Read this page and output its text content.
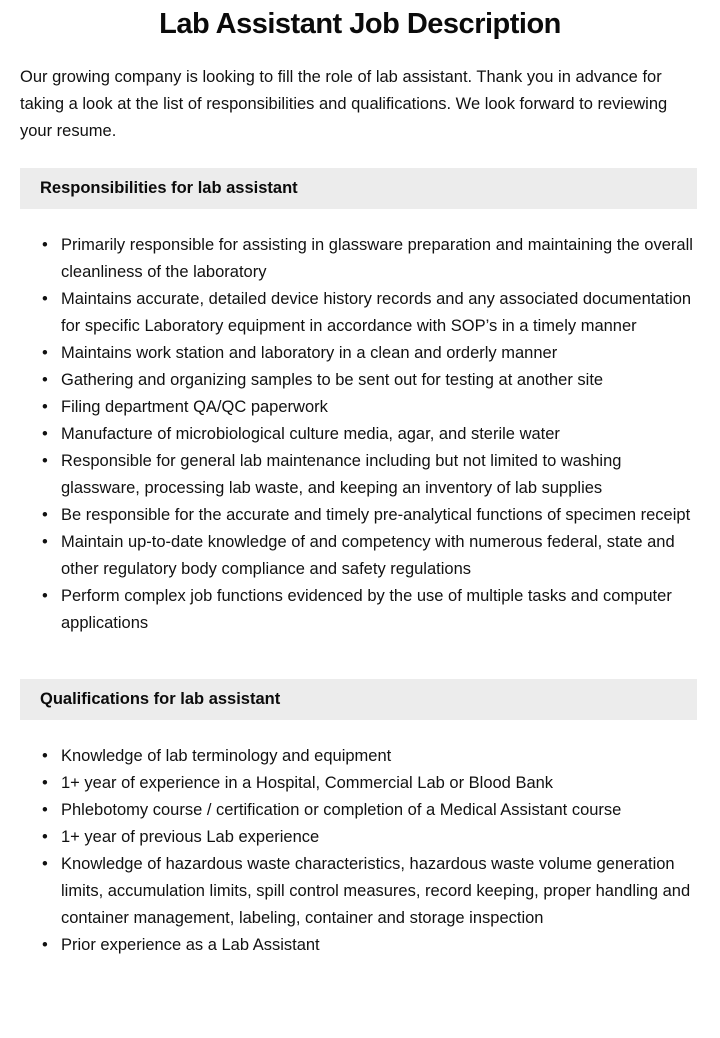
Lab Assistant Job Description

Our growing company is looking to fill the role of lab assistant. Thank you in advance for taking a look at the list of responsibilities and qualifications. We look forward to reviewing your resume.

Responsibilities for lab assistant
• Primarily responsible for assisting in glassware preparation and maintaining the overall cleanliness of the laboratory
• Maintains accurate, detailed device history records and any associated documentation for specific Laboratory equipment in accordance with SOP’s in a timely manner
• Maintains work station and laboratory in a clean and orderly manner
• Gathering and organizing samples to be sent out for testing at another site
• Filing department QA/QC paperwork
• Manufacture of microbiological culture media, agar, and sterile water
• Responsible for general lab maintenance including but not limited to washing glassware, processing lab waste, and keeping an inventory of lab supplies
• Be responsible for the accurate and timely pre-analytical functions of specimen receipt
• Maintain up-to-date knowledge of and competency with numerous federal, state and other regulatory body compliance and safety regulations
• Perform complex job functions evidenced by the use of multiple tasks and computer applications
Qualifications for lab assistant
• Knowledge of lab terminology and equipment
• 1+ year of experience in a Hospital, Commercial Lab or Blood Bank
• Phlebotomy course / certification or completion of a Medical Assistant course
• 1+ year of previous Lab experience
• Knowledge of hazardous waste characteristics, hazardous waste volume generation limits, accumulation limits, spill control measures, record keeping, proper handling and container management, labeling, container and storage inspection
• Prior experience as a Lab Assistant
